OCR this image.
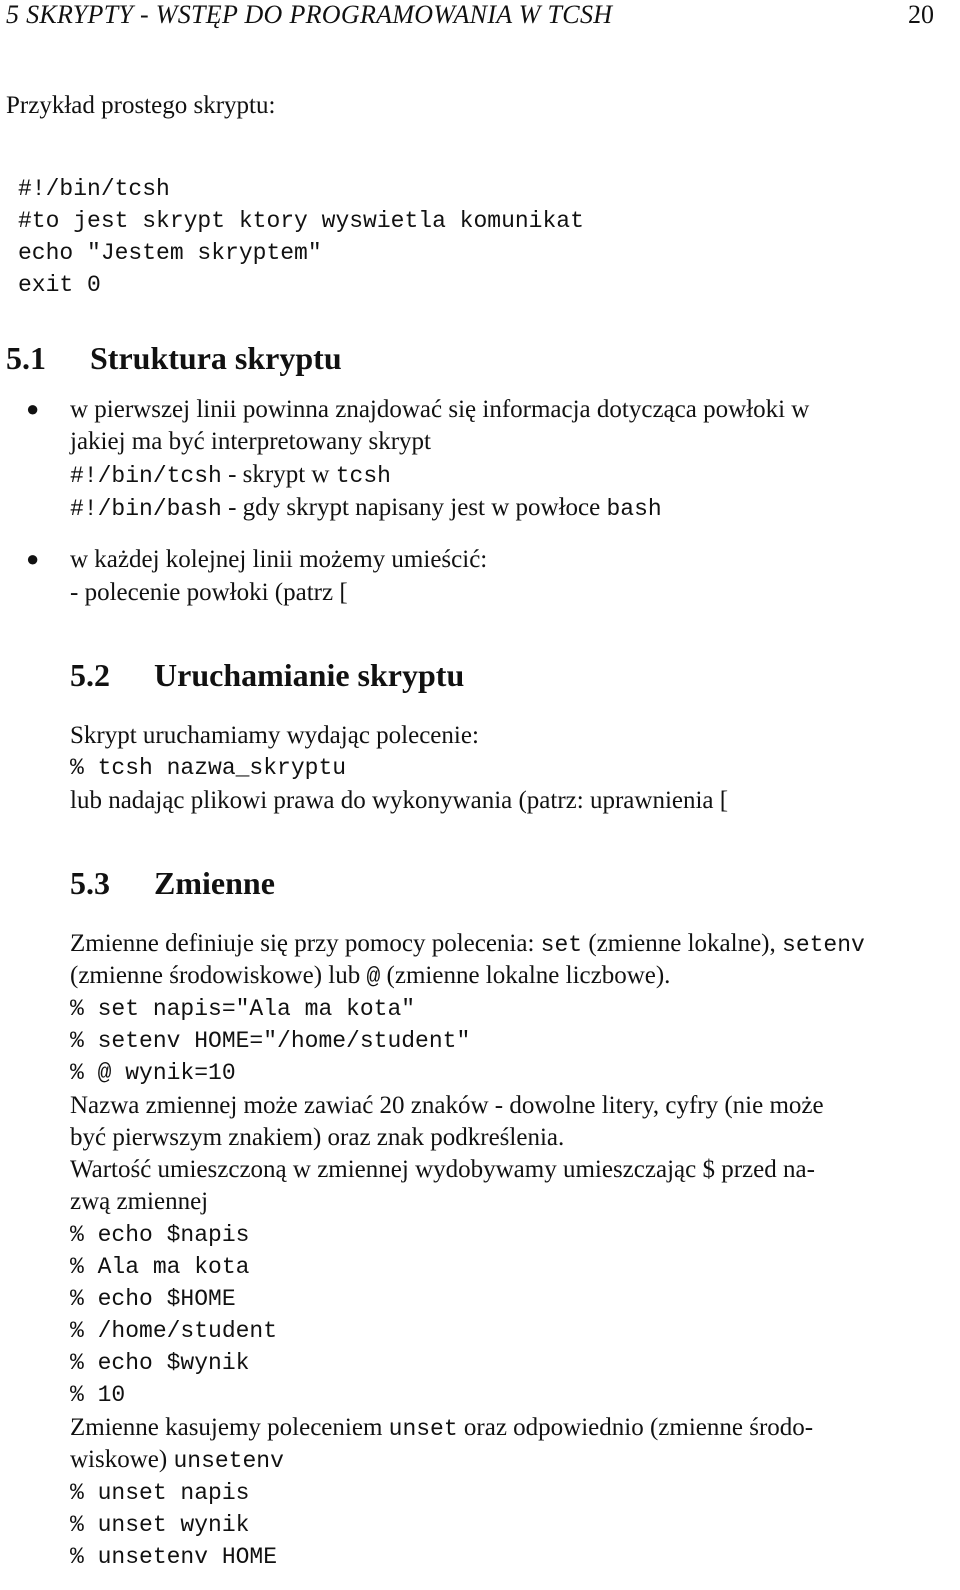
5 SKRYPTY - WSTĘP DO PROGRAMOWANIA W TCSH	20
Przykład prostego skryptu:
#!/bin/tcsh
#to jest skrypt ktory wyswietla komunikat
echo "Jestem skryptem"
exit 0
5.1 Struktura skryptu
● w pierwszej linii powinna znajdować się informacja dotycząca powłoki w
jakiej ma być interpretowany skrypt
#!/bin/tcsh - skrypt w tcsh
#!/bin/bash - gdy skrypt napisany jest w powłoce bash
● w każdej kolejnej linii możemy umieścić:
- polecenie powłoki (patrz [
5.2 Uruchamianie skryptu
Skrypt uruchamiamy wydając polecenie:
% tcsh nazwa_skryptu
lub nadając plikowi prawa do wykonywania (patrz: uprawnienia [
5.3 Zmienne
Zmienne definiuje się przy pomocy polecenia: set (zmienne lokalne), setenv
(zmienne środowiskowe) lub @ (zmienne lokalne liczbowe).
% set napis="Ala ma kota"
% setenv HOME="/home/student"
% @ wynik=10
Nazwa zmiennej może zawiać 20 znaków - dowolne litery, cyfry (nie może
być pierwszym znakiem) oraz znak podkreślenia.
Wartość umieszczoną w zmiennej wydobywamy umieszczając $ przed na-
zwą zmiennej
% echo $napis
% Ala ma kota
% echo $HOME
% /home/student
% echo $wynik
% 10
Zmienne kasujemy poleceniem unset oraz odpowiednio (zmienne środo-
wiskowe) unsetenv
% unset napis
% unset wynik
% unsetenv HOME
